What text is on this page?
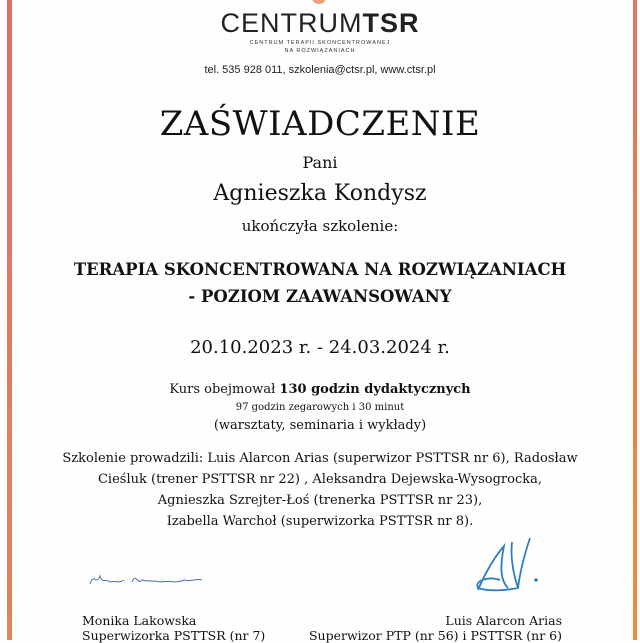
CENTRUMTSR
CENTRUM TERAPII SKONCENTROWANEJ
NA ROZWIĄZANIACH
tel. 535 928 011, szkolenia@ctsr.pl, www.ctsr.pl
ZAŚWIADCZENIE
Pani
Agnieszka Kondysz
ukończyła szkolenie:
TERAPIA SKONCENTROWANA NA ROZWIĄZANIACH
- POZIOM ZAAWANSOWANY
20.10.2023 r. - 24.03.2024 r.
Kurs obejmował 130 godzin dydaktycznych
97 godzin zegarowych i 30 minut
(warsztaty, seminaria i wykłady)
Szkolenie prowadzili: Luis Alarcon Arias (superwizor PSTTSR nr 6), Radosław
Cieśluk (trener PSTTSR nr 22) , Aleksandra Dejewska-Wysogrocka,
Agnieszka Szrejter-Łoś (trenerka PSTTSR nr 23),
Izabella Warchoł (superwizorka PSTTSR nr 8).
Monika Lakowska
Superwizorka PSTTSR (nr 7)
Luis Alarcon Arias
Superwizor PTP (nr 56) i PSTTSR (nr 6)
